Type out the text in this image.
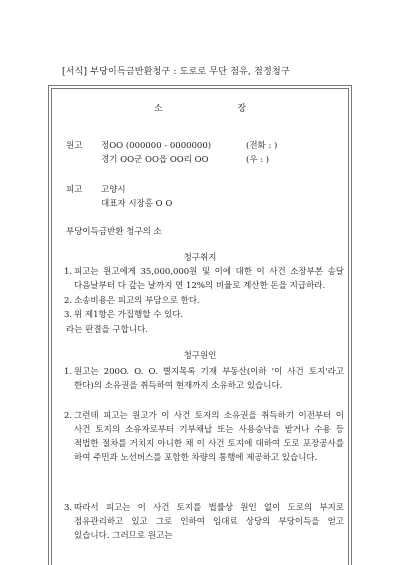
[서식] 부당이득금반환청구 : 도로로 무단 점유, 점정청구
소 장
원고 정OO (000000 - 0000000)	(전화 : )
경기 OO군 OO읍 OO리 OO	(우 : )
피고 고양시
대표자 시장홍 O O
부당이득금반환 청구의 소
청구취지
1. 피고는 원고에게 35,000,000원 및 이에 대한 이 사건 소장부본 송달 다음날부터 다 갚는 날까지 연 12%의 비율로 계산한 돈을 지급하라.
2. 소송비용은 피고의 부담으로 한다.
3. 위 제1항은 가집행할 수 있다.
라는 판결을 구합니다.
청구원인
1. 원고는 200O. O. O. 별지목록 기재 부동산(이하 '이 사건 토지'라고 한다)의 소유권을 취득하여 현재까지 소유하고 있습니다.
2. 그런데 피고는 원고가 이 사건 토지의 소유권을 취득하기 이전부터 이 사건 토지의 소유자로부터 기부채납 또는 사용승낙을 받거나 수용 등 적법한 절차를 거치지 아니한 채 이 사건 토지에 대하여 도로 포장공사를 하여 주민과 노선버스를 포함한 차량의 통행에 제공하고 있습니다.
3. 따라서 피고는 이 사건 토지를 법률상 원인 없이 도로의 부지로 점유관리하고 있고 그로 인하여 임대료 상당의 부당이득을 얻고 있습니다. 그러므로 원고는
